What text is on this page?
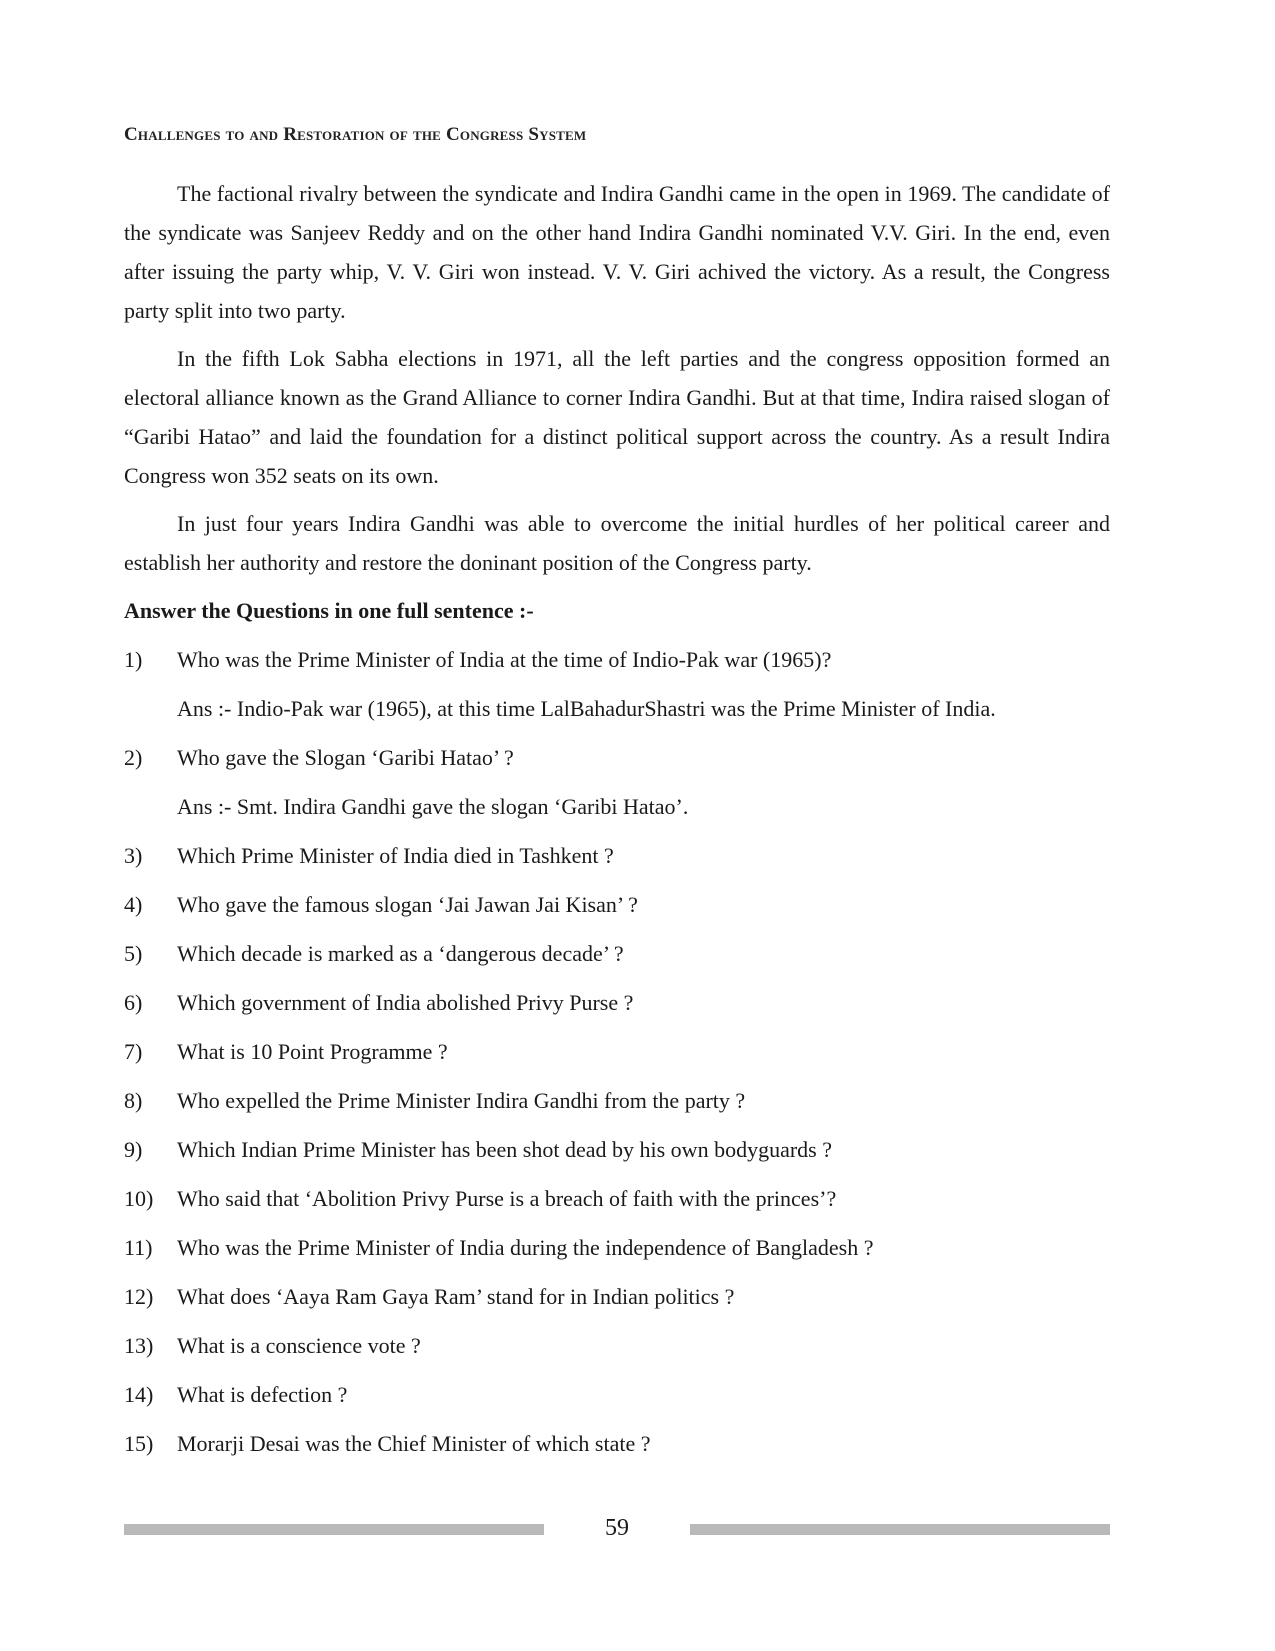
Challenges to and Restoration of the Congress System

The factional rivalry between the syndicate and Indira Gandhi came in the open in 1969. The candidate of the syndicate was Sanjeev Reddy and on the other hand Indira Gandhi nominated V.V. Giri. In the end, even after issuing the party whip, V. V. Giri won instead. V. V. Giri achived the victory. As a result, the Congress party split into two party.

In the fifth Lok Sabha elections in 1971, all the left parties and the congress opposition formed an electoral alliance known as the Grand Alliance to corner Indira Gandhi. But at that time, Indira raised slogan of “Garibi Hatao” and laid the foundation for a distinct political support across the country. As a result Indira Congress won 352 seats on its own.

In just four years Indira Gandhi was able to overcome the initial hurdles of her political career and establish her authority and restore the doninant position of the Congress party.

Answer the Questions in one full sentence :-
1) Who was the Prime Minister of India at the time of Indio-Pak war (1965)?
Ans :- Indio-Pak war (1965), at this time LalBahadurShastri was the Prime Minister of India.
2) Who gave the Slogan ‘Garibi Hatao’ ?
Ans :- Smt. Indira Gandhi gave the slogan ‘Garibi Hatao’.
3) Which Prime Minister of India died in Tashkent ?
4) Who gave the famous slogan ‘Jai Jawan Jai Kisan’ ?
5) Which decade is marked as a ‘dangerous decade’ ?
6) Which government of India abolished Privy Purse ?
7) What is 10 Point Programme ?
8) Who expelled the Prime Minister Indira Gandhi from the party ?
9) Which Indian Prime Minister has been shot dead by his own bodyguards ?
10) Who said that ‘Abolition Privy Purse is a breach of faith with the princes’?
11) Who was the Prime Minister of India during the independence of Bangladesh ?
12) What does ‘Aaya Ram Gaya Ram’ stand for in Indian politics ?
13) What is a conscience vote ?
14) What is defection ?
15) Morarji Desai was the Chief Minister of which state ?
59
